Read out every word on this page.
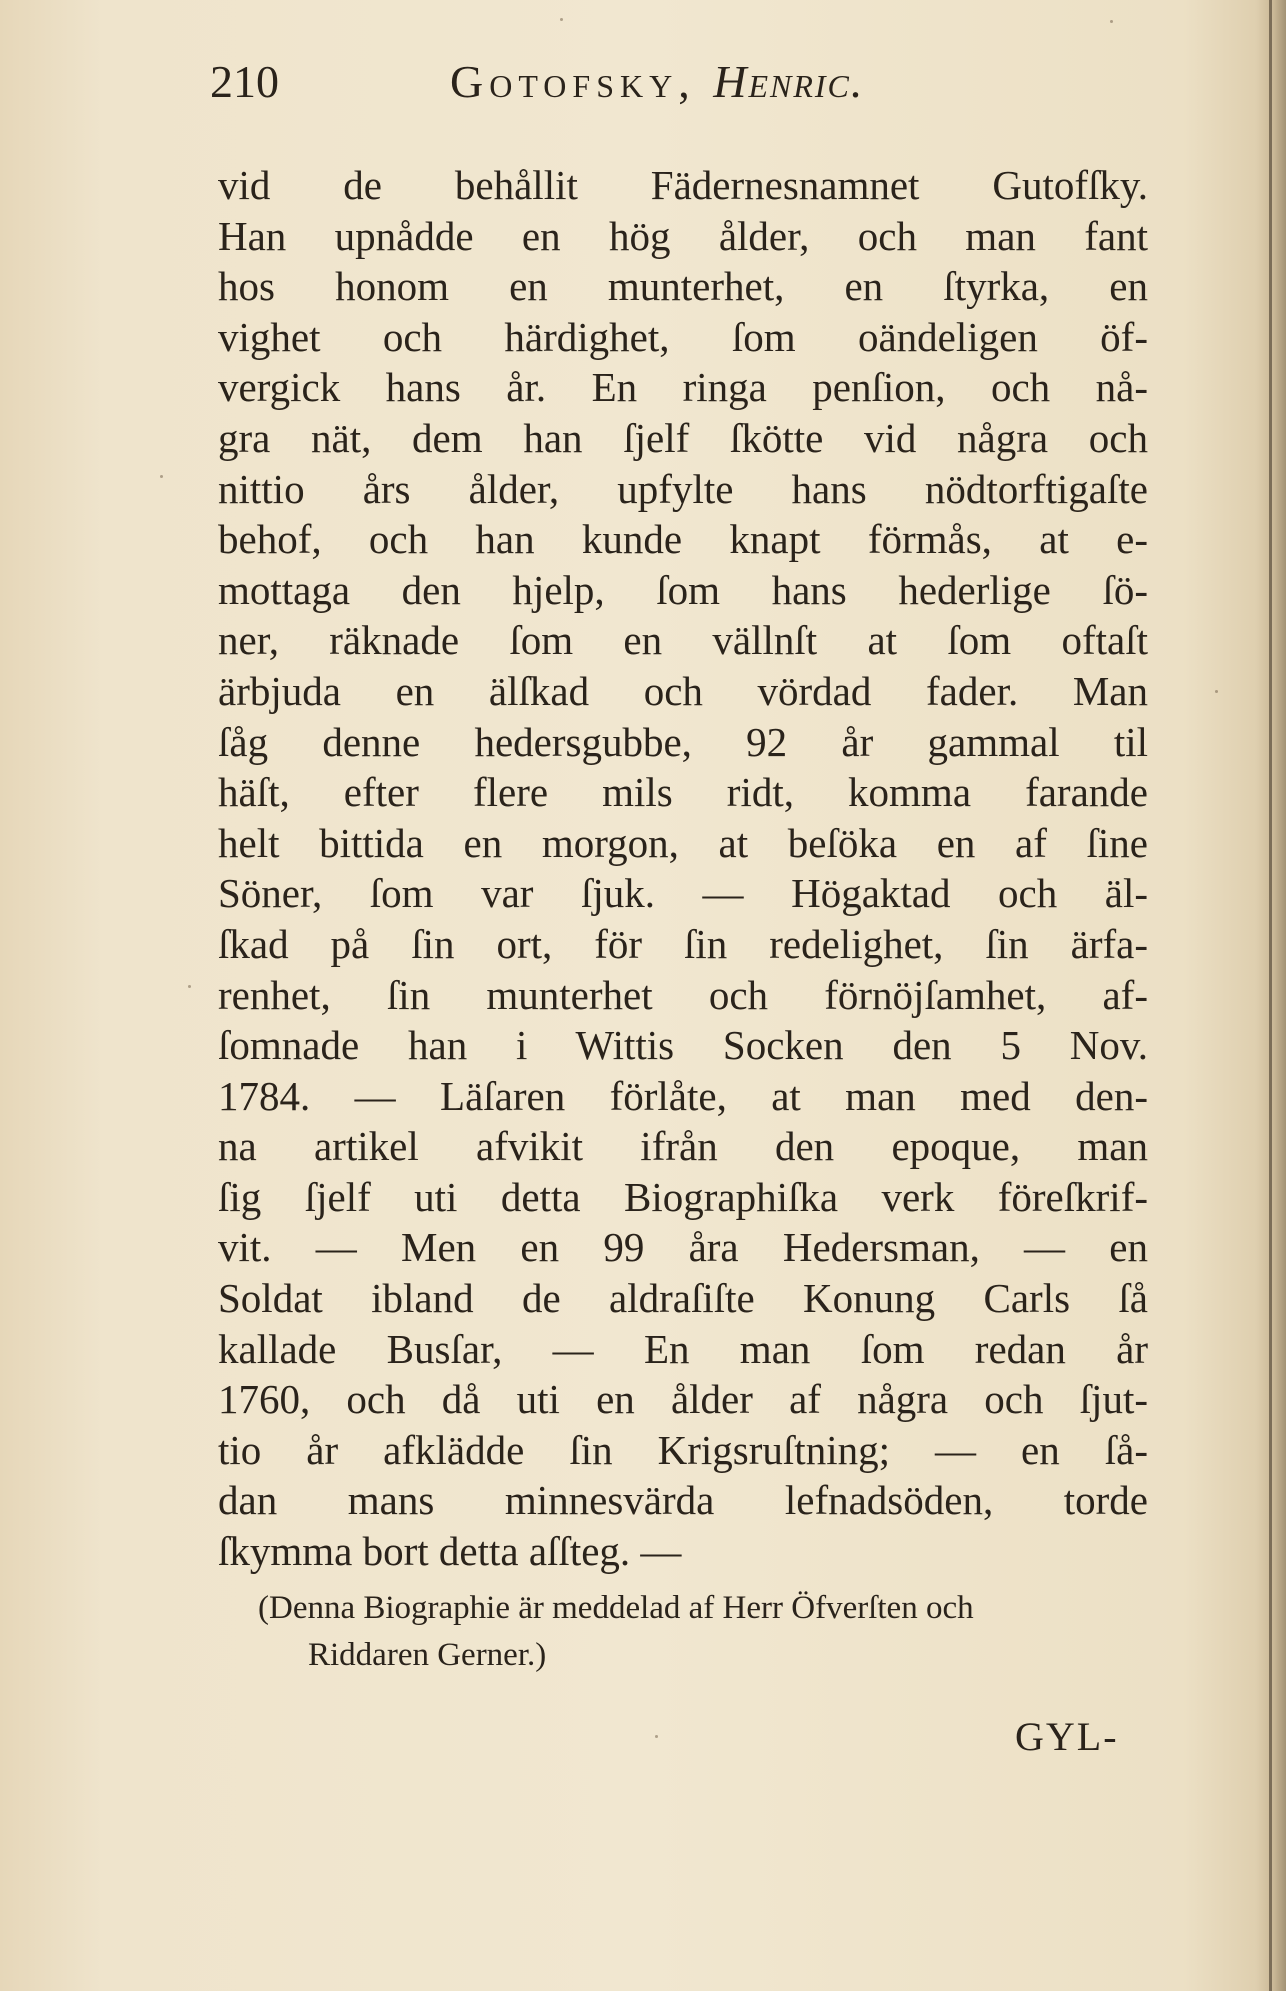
210	Gotofsky, Henric.
vid de behållit Fädernesnamnet Gutofſky.
Han upnådde en hög ålder, och man fant
hos honom en munterhet, en ſtyrka, en
vighet och härdighet, ſom oändeligen öf-
vergick hans år. En ringa penſion, och nå-
gra nät, dem han ſjelf ſkötte vid några och
nittio års ålder, upfylte hans nödtorftigaſte
behof, och han kunde knapt förmås, at e-
mottaga den hjelp, ſom hans hederlige ſö-
ner, räknade ſom en vällnſt at ſom oftaſt
ärbjuda en älſkad och vördad fader. Man
ſåg denne hedersgubbe, 92 år gammal til
häſt, efter flere mils ridt, komma farande
helt bittida en morgon, at beſöka en af ſine
Söner, ſom var ſjuk. — Högaktad och äl-
ſkad på ſin ort, för ſin redelighet, ſin ärfa-
renhet, ſin munterhet och förnöjſamhet, af-
ſomnade han i Wittis Socken den 5 Nov.
1784. — Läſaren förlåte, at man med den-
na artikel afvikit ifrån den epoque, man
ſig ſjelf uti detta Biographiſka verk föreſkrif-
vit. — Men en 99 åra Hedersman, — en
Soldat ibland de aldraſiſte Konung Carls ſå
kallade Busſar, — En man ſom redan år
1760, och då uti en ålder af några och ſjut-
tio år afklädde ſin Krigsruſtning; — en ſå-
dan mans minnesvärda lefnadsöden, torde
ſkymma bort detta aſſteg. —
(Denna Biographie är meddelad af Herr Öfverſten och
Riddaren Gerner.)
GYL-
